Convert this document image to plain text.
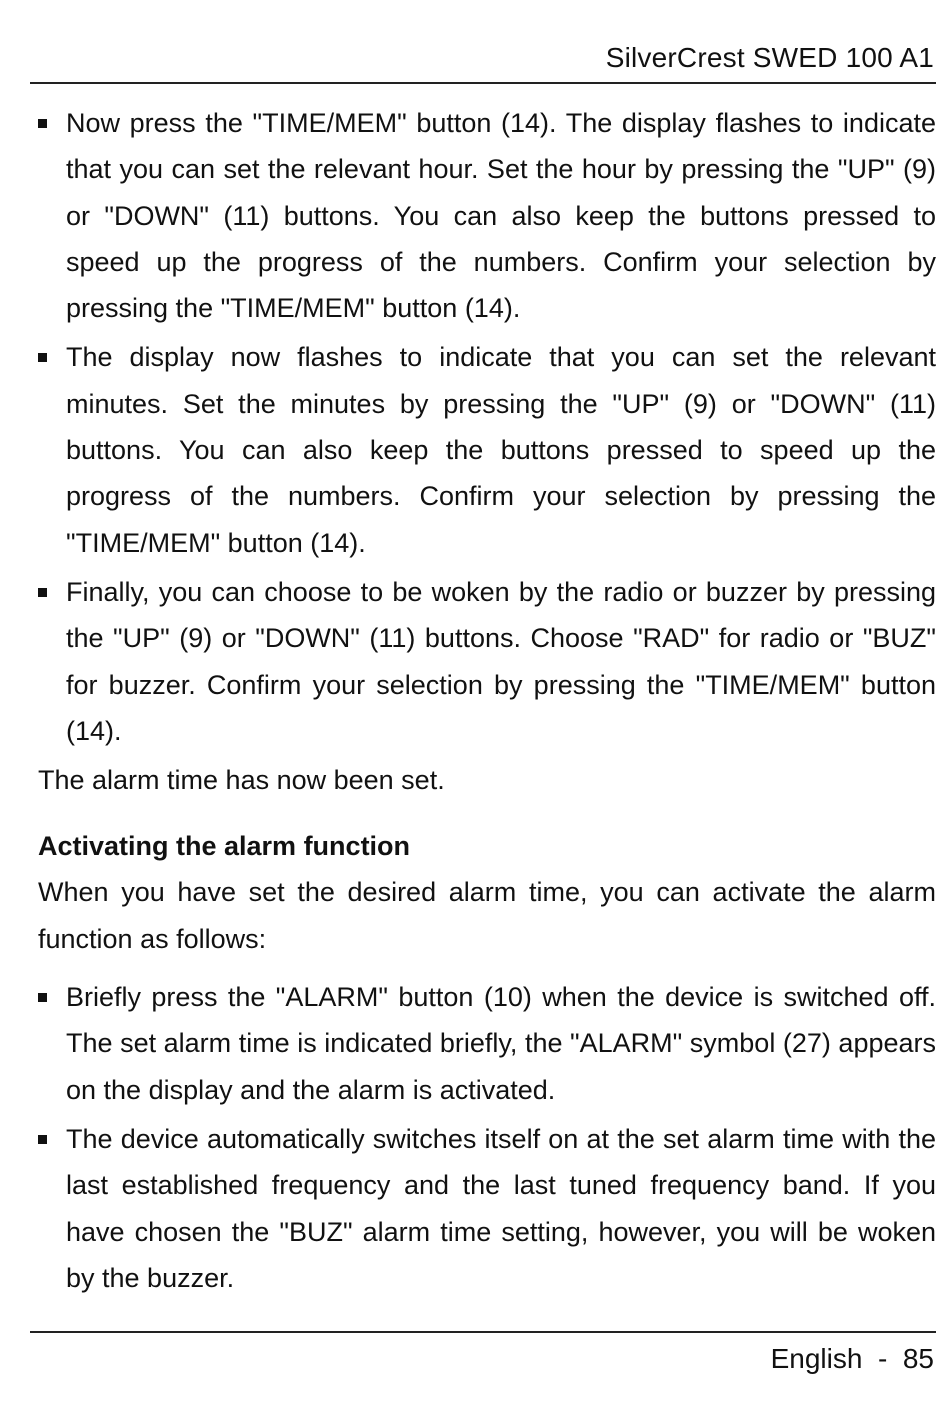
SilverCrest SWED 100 A1
Now press the "TIME/MEM" button (14). The display flashes to indicate that you can set the relevant hour. Set the hour by pressing the "UP" (9) or "DOWN" (11) buttons. You can also keep the buttons pressed to speed up the progress of the numbers. Confirm your selection by pressing the "TIME/MEM" button (14).
The display now flashes to indicate that you can set the relevant minutes. Set the minutes by pressing the "UP" (9) or "DOWN" (11) buttons. You can also keep the buttons pressed to speed up the progress of the numbers. Confirm your selection by pressing the "TIME/MEM" button (14).
Finally, you can choose to be woken by the radio or buzzer by pressing the "UP" (9) or "DOWN" (11) buttons. Choose "RAD" for radio or "BUZ" for buzzer. Confirm your selection by pressing the "TIME/MEM" button (14).

The alarm time has now been set.

Activating the alarm function

When you have set the desired alarm time, you can activate the alarm function as follows:

Briefly press the "ALARM" button (10) when the device is switched off. The set alarm time is indicated briefly, the "ALARM" symbol (27) appears on the display and the alarm is activated.
The device automatically switches itself on at the set alarm time with the last established frequency and the last tuned frequency band. If you have chosen the "BUZ" alarm time setting, however, you will be woken by the buzzer.
English  -  85
